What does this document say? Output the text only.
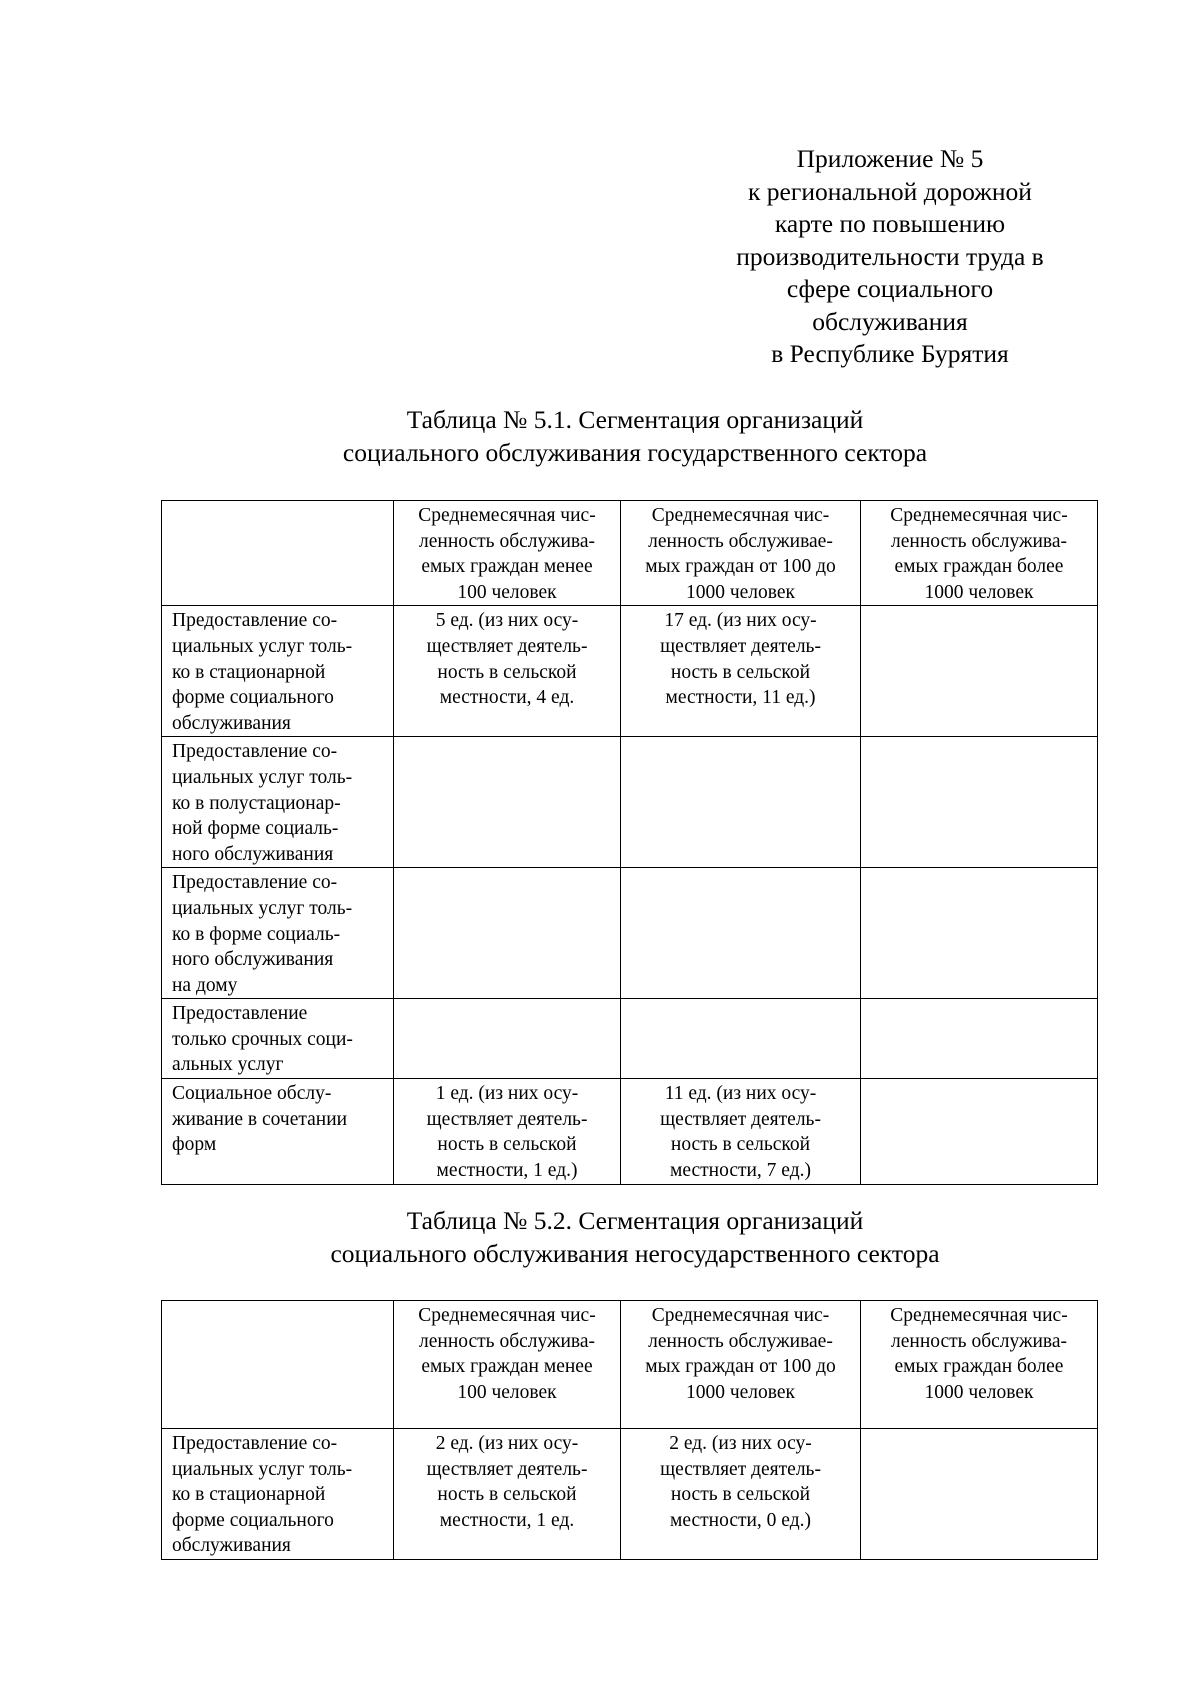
Приложение № 5
к региональной дорожной
карте по повышению
производительности труда в
сфере социального
обслуживания
в Республике Бурятия
Таблица № 5.1. Сегментация организаций
социального обслуживания государственного сектора

	Среднемесячная чис-
ленность обслужива-
емых граждан менее
100 человек	Среднемесячная чис-
ленность обслуживае-
мых граждан от 100 до
1000 человек	Среднемесячная чис-
ленность обслужива-
емых граждан более
1000 человек

Предоставление со-
циальных услуг толь-
ко в стационарной
форме социального
обслуживания	5 ед. (из них осу-
ществляет деятель-
ность в сельской
местности, 4 ед.	17 ед. (из них осу-
ществляет деятель-
ность в сельской
местности, 11 ед.)	

Предоставление со-
циальных услуг толь-
ко в полустационар-
ной форме социаль-
ного обслуживания			

Предоставление со-
циальных услуг толь-
ко в форме социаль-
ного обслуживания
на дому			

Предоставление
только срочных соци-
альных услуг			

Социальное обслу-
живание в сочетании
форм	1 ед. (из них осу-
ществляет деятель-
ность в сельской
местности, 1 ед.)	11 ед. (из них осу-
ществляет деятель-
ность в сельской
местности, 7 ед.)	

Таблица № 5.2. Сегментация организаций
социального обслуживания негосударственного сектора

	Среднемесячная чис-
ленность обслужива-
емых граждан менее
100 человек	Среднемесячная чис-
ленность обслуживае-
мых граждан от 100 до
1000 человек	Среднемесячная чис-
ленность обслужива-
емых граждан более
1000 человек

Предоставление со-
циальных услуг толь-
ко в стационарной
форме социального
обслуживания	2 ед. (из них осу-
ществляет деятель-
ность в сельской
местности, 1 ед.	2 ед. (из них осу-
ществляет деятель-
ность в сельской
местности, 0 ед.)	
